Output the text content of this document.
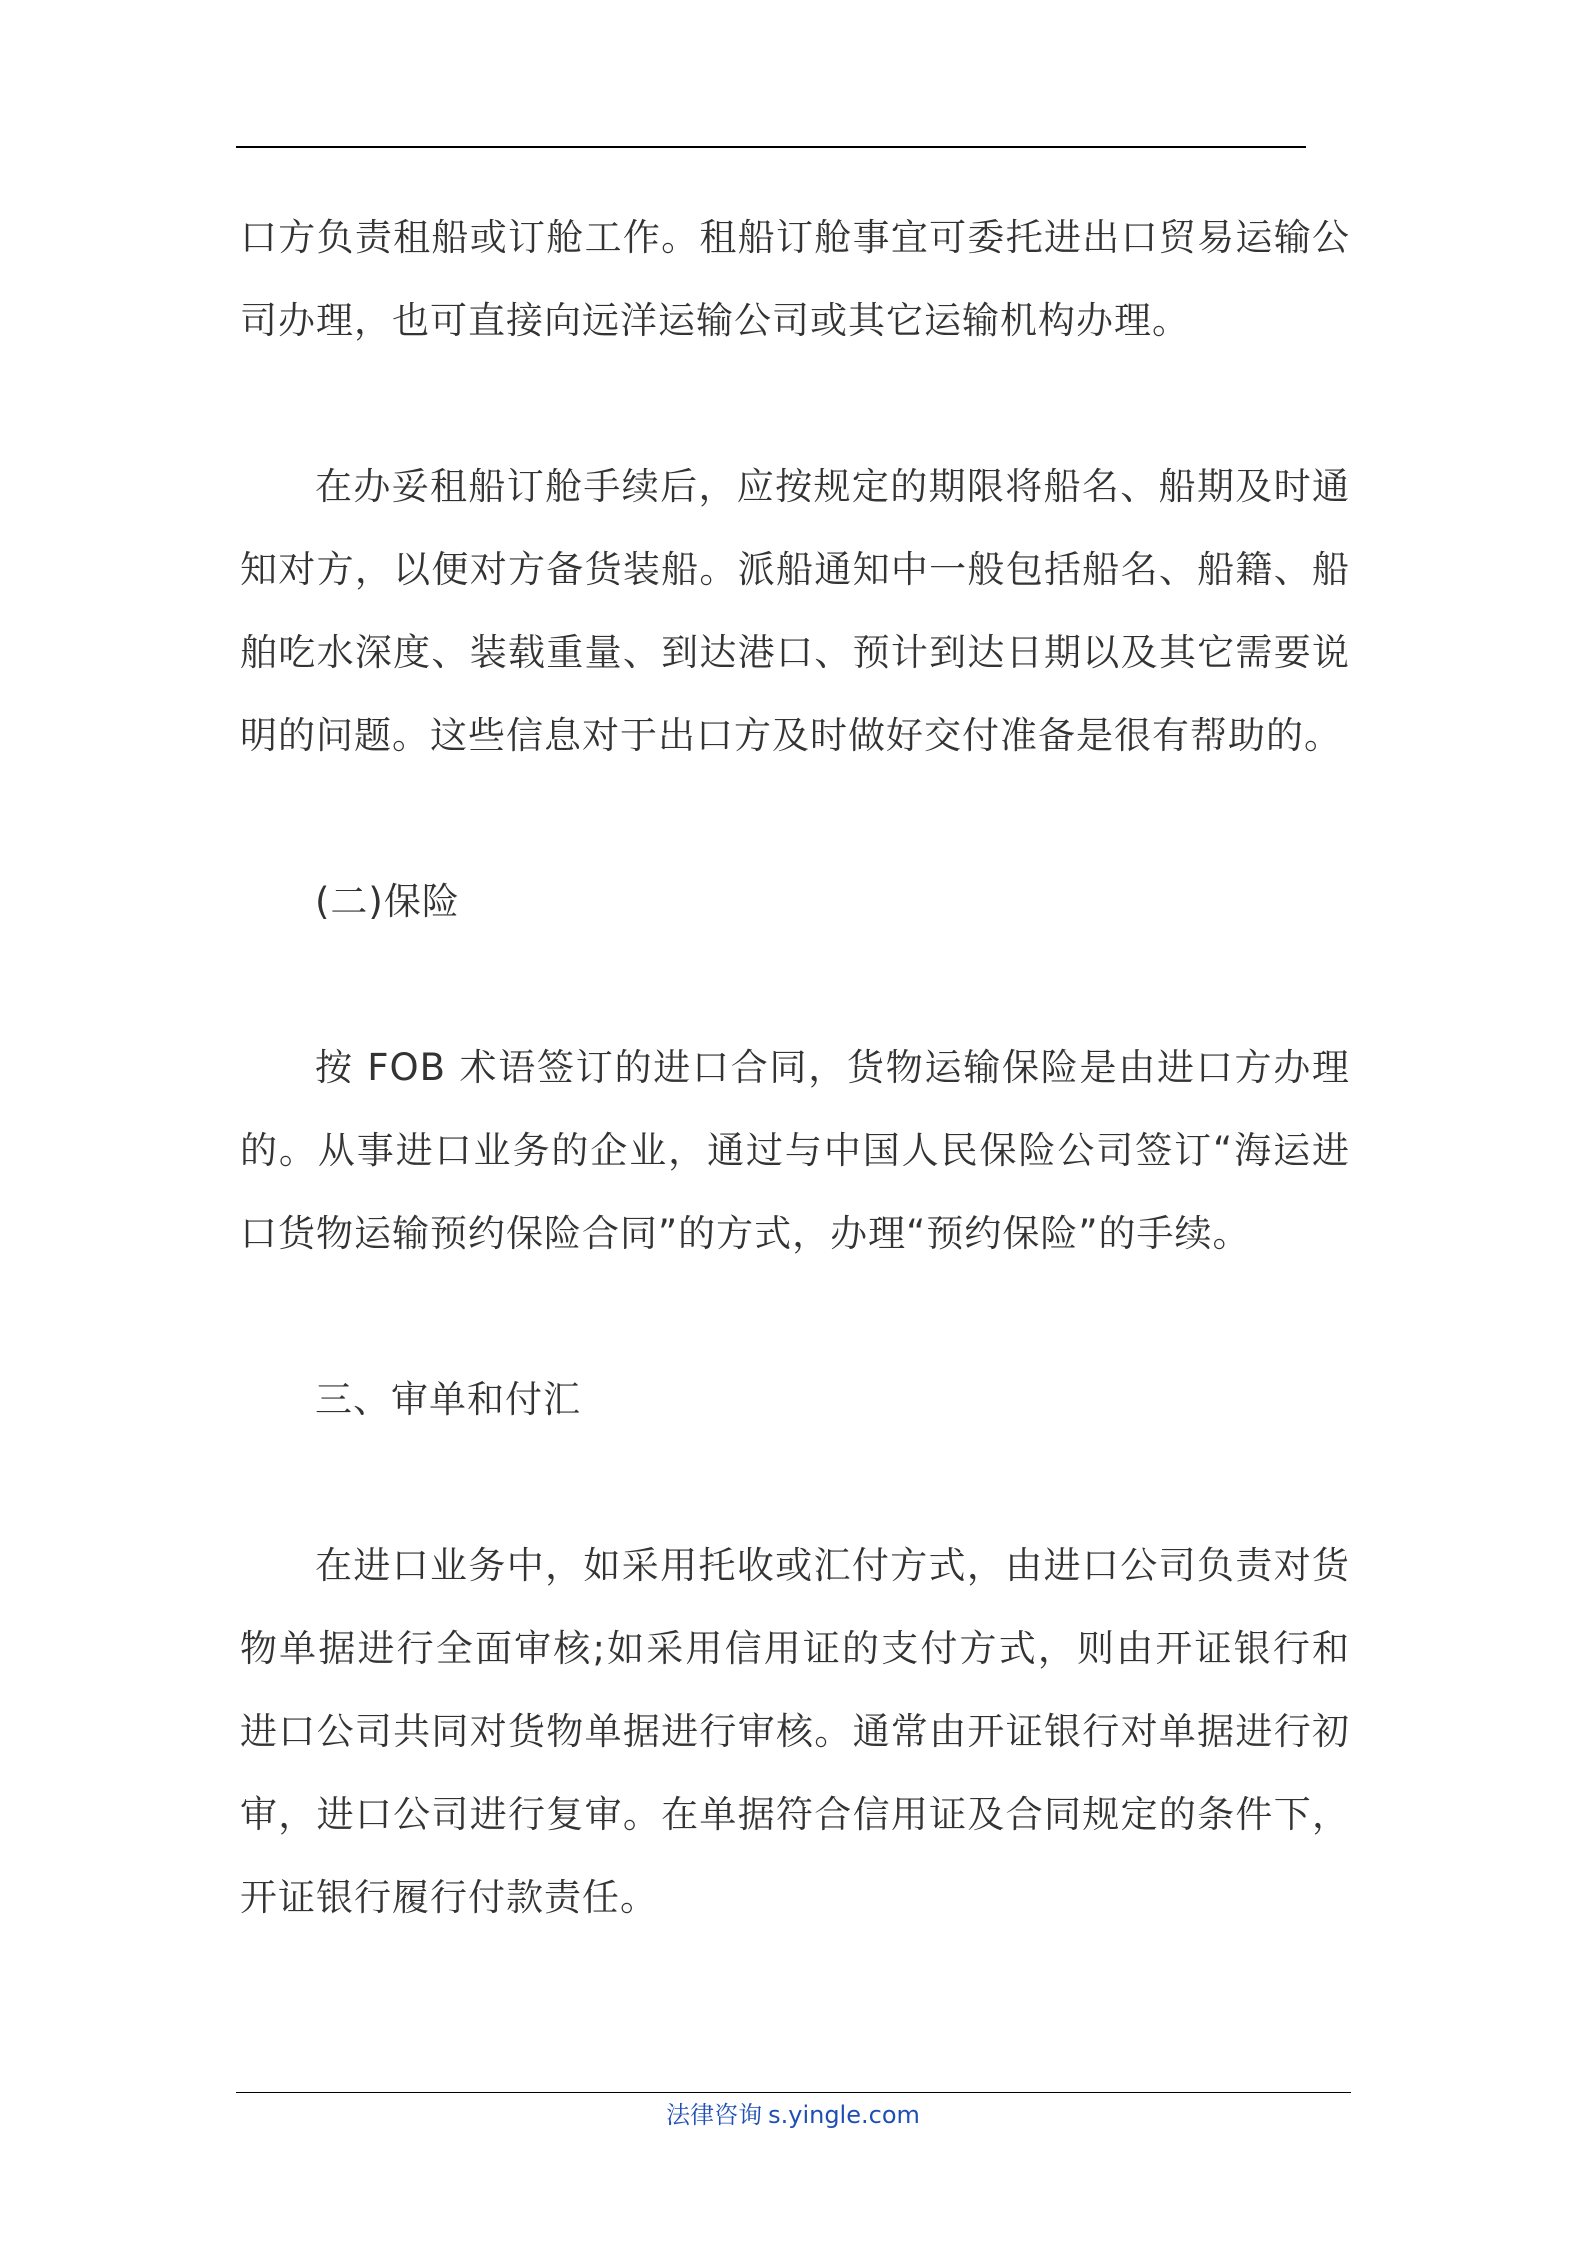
口方负责租船或订舱工作。租船订舱事宜可委托进出口贸易运输公司办理，也可直接向远洋运输公司或其它运输机构办理。

在办妥租船订舱手续后，应按规定的期限将船名、船期及时通知对方，以便对方备货装船。派船通知中一般包括船名、船籍、船舶吃水深度、装载重量、到达港口、预计到达日期以及其它需要说明的问题。这些信息对于出口方及时做好交付准备是很有帮助的。

(二)保险

按 FOB 术语签订的进口合同，货物运输保险是由进口方办理的。从事进口业务的企业，通过与中国人民保险公司签订“海运进口货物运输预约保险合同”的方式，办理“预约保险”的手续。

三、审单和付汇

在进口业务中，如采用托收或汇付方式，由进口公司负责对货物单据进行全面审核;如采用信用证的支付方式，则由开证银行和进口公司共同对货物单据进行审核。通常由开证银行对单据进行初审，进口公司进行复审。在单据符合信用证及合同规定的条件下，开证银行履行付款责任。

法律咨询 s.yingle.com
